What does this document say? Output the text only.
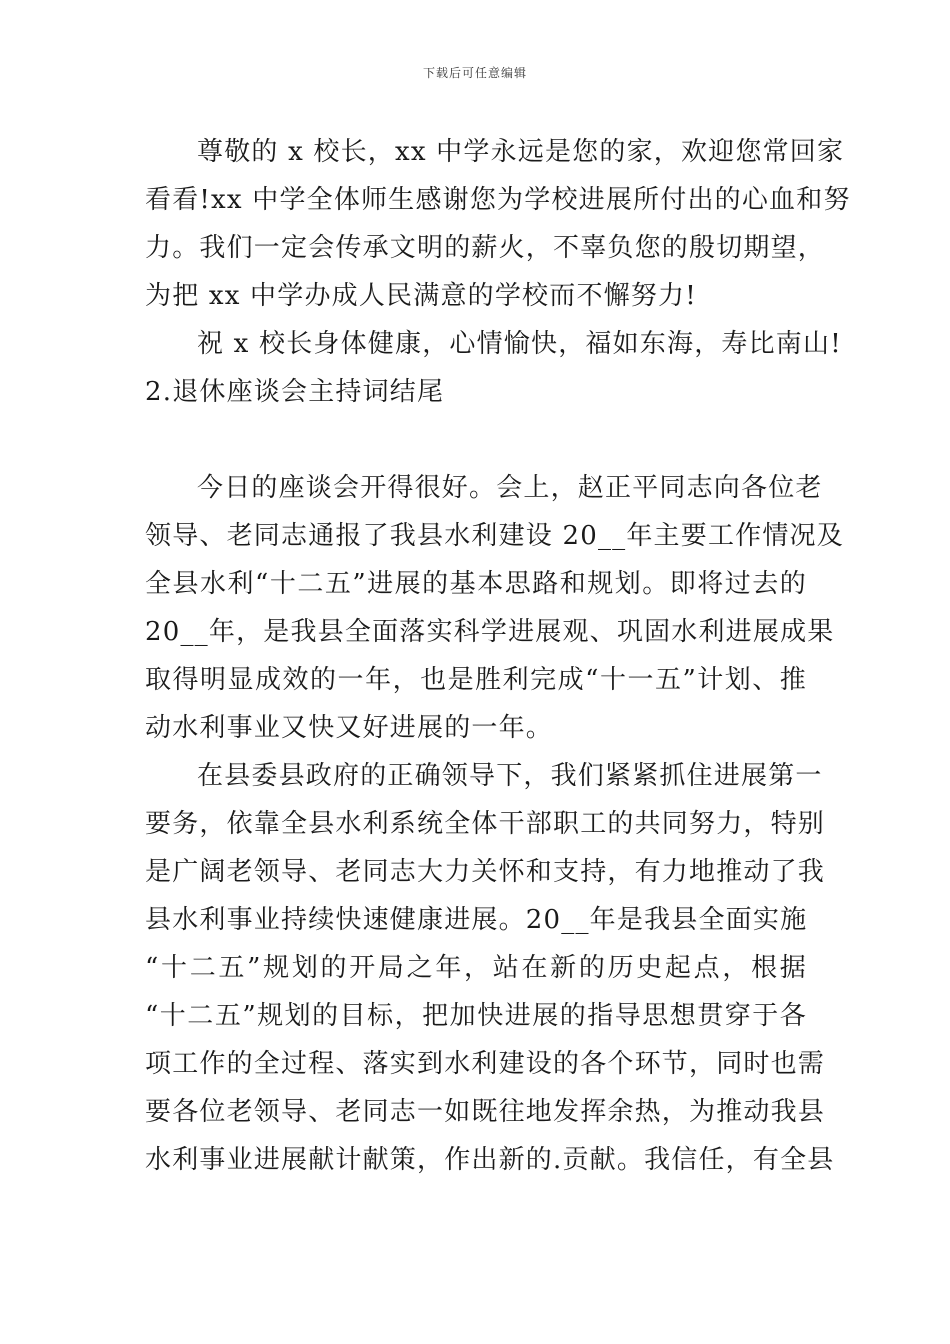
下载后可任意编辑
尊敬的 x 校长，xx 中学永远是您的家，欢迎您常回家
看看!xx 中学全体师生感谢您为学校进展所付出的心血和努
力。我们一定会传承文明的薪火，不辜负您的殷切期望，
为把 xx 中学办成人民满意的学校而不懈努力!
祝 x 校长身体健康，心情愉快，福如东海，寿比南山!
2.退休座谈会主持词结尾
今日的座谈会开得很好。会上，赵正平同志向各位老
领导、老同志通报了我县水利建设 20__年主要工作情况及
全县水利“十二五”进展的基本思路和规划。即将过去的
20__年，是我县全面落实科学进展观、巩固水利进展成果
取得明显成效的一年，也是胜利完成“十一五”计划、推
动水利事业又快又好进展的一年。
在县委县政府的正确领导下，我们紧紧抓住进展第一
要务，依靠全县水利系统全体干部职工的共同努力，特别
是广阔老领导、老同志大力关怀和支持，有力地推动了我
县水利事业持续快速健康进展。20__年是我县全面实施
“十二五”规划的开局之年，站在新的历史起点，根据
“十二五”规划的目标，把加快进展的指导思想贯穿于各
项工作的全过程、落实到水利建设的各个环节，同时也需
要各位老领导、老同志一如既往地发挥余热，为推动我县
水利事业进展献计献策，作出新的.贡献。我信任，有全县
